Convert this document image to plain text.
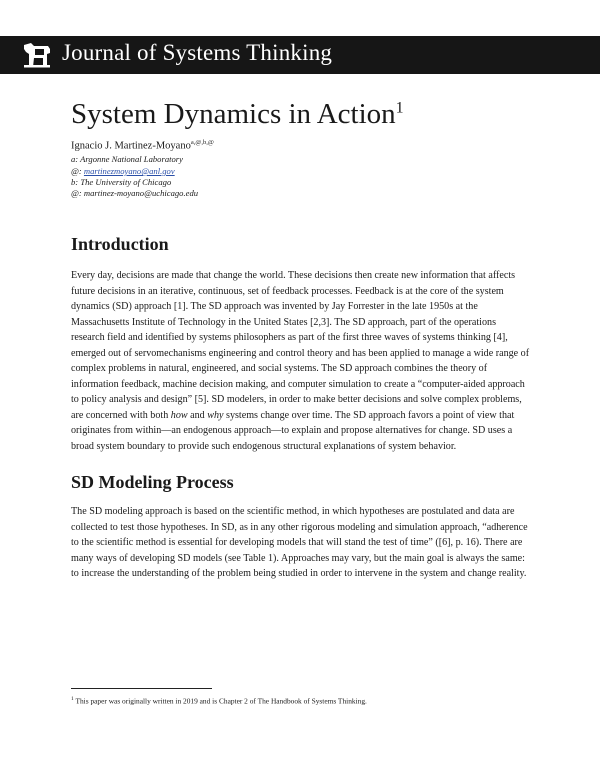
Journal of Systems Thinking
System Dynamics in Action$^1$
Ignacio J. Martinez-Moyano$^{a,@,b,@}$
a: Argonne National Laboratory
@: martinezmoyano@anl.gov
b: The University of Chicago
@: martinez-moyano@uchicago.edu
Introduction

Every day, decisions are made that change the world. These decisions then create new information that affects future decisions in an iterative, continuous, set of feedback processes. Feedback is at the core of the system dynamics (SD) approach [1]. The SD approach was invented by Jay Forrester in the late 1950s at the Massachusetts Institute of Technology in the United States [2,3]. The SD approach, part of the operations research field and identified by systems philosophers as part of the first three waves of systems thinking [4], emerged out of servomechanisms engineering and control theory and has been applied to manage a wide range of complex problems in natural, engineered, and social systems. The SD approach combines the theory of information feedback, machine decision making, and computer simulation to create a “computer-aided approach to policy analysis and design” [5]. SD modelers, in order to make better decisions and solve complex problems, are concerned with both how and why systems change over time. The SD approach favors a point of view that originates from within—an endogenous approach—to explain and propose alternatives for change. SD uses a broad system boundary to provide such endogenous structural explanations of system behavior.

SD Modeling Process

The SD modeling approach is based on the scientific method, in which hypotheses are postulated and data are collected to test those hypotheses. In SD, as in any other rigorous modeling and simulation approach, “adherence to the scientific method is essential for developing models that will stand the test of time” ([6], p. 16). There are many ways of developing SD models (see Table 1). Approaches may vary, but the main goal is always the same: to increase the understanding of the problem being studied in order to intervene in the system and change reality.

$^1$ This paper was originally written in 2019 and is Chapter 2 of The Handbook of Systems Thinking.
